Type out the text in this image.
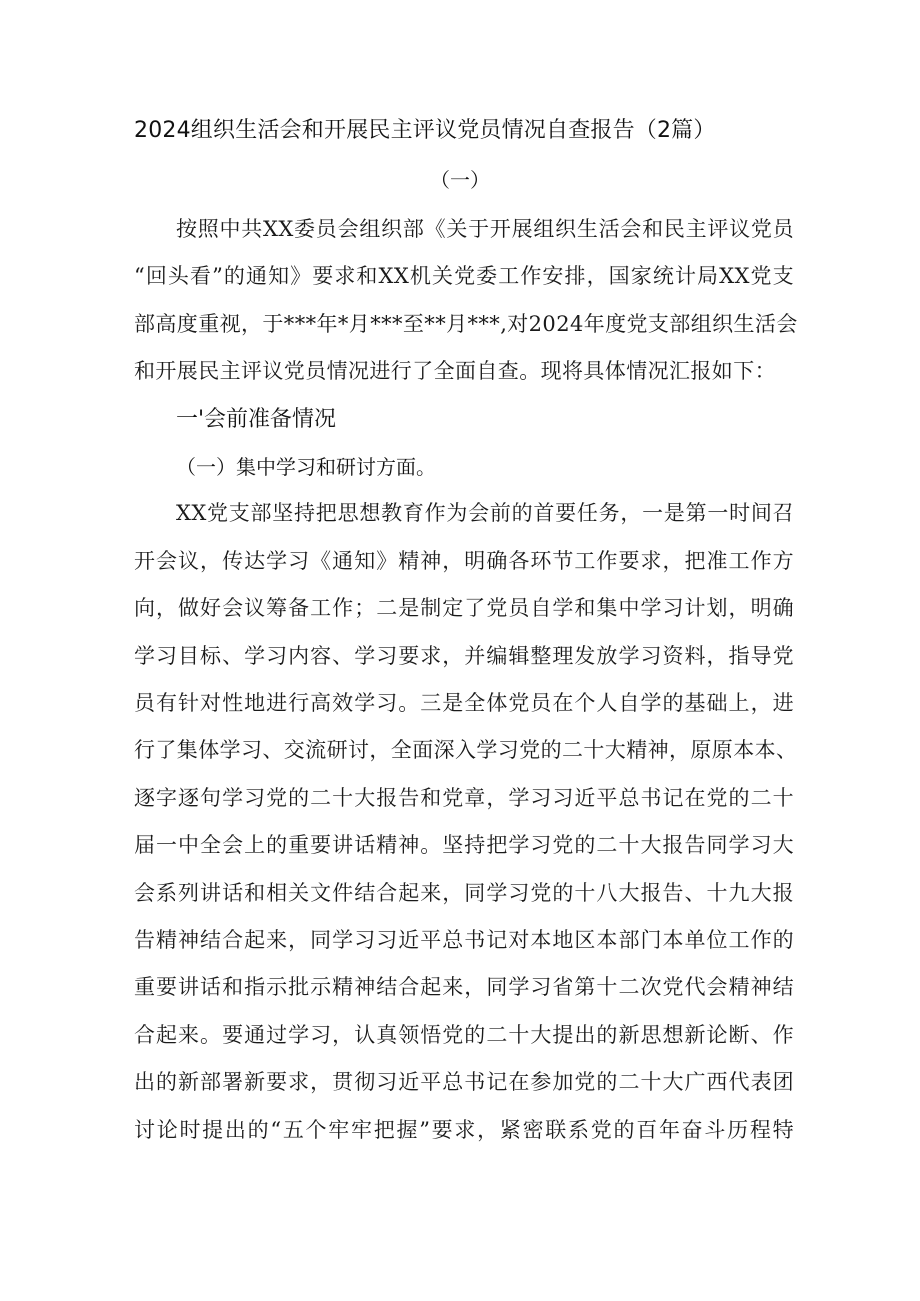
2024组织生活会和开展民主评议党员情况自查报告（2篇）
（一）
按照中共XX委员会组织部《关于开展组织生活会和民主评议党员
“回头看”的通知》要求和XX机关党委工作安排，国家统计局XX党支
部高度重视，于***年*月***至**月***,对2024年度党支部组织生活会
和开展民主评议党员情况进行了全面自查。现将具体情况汇报如下：
一'会前准备情况
（一）集中学习和研讨方面。
XX党支部坚持把思想教育作为会前的首要任务，一是第一时间召
开会议，传达学习《通知》精神，明确各环节工作要求，把准工作方
向，做好会议筹备工作；二是制定了党员自学和集中学习计划，明确
学习目标、学习内容、学习要求，并编辑整理发放学习资料，指导党
员有针对性地进行高效学习。三是全体党员在个人自学的基础上，进
行了集体学习、交流研讨，全面深入学习党的二十大精神，原原本本、
逐字逐句学习党的二十大报告和党章，学习习近平总书记在党的二十
届一中全会上的重要讲话精神。坚持把学习党的二十大报告同学习大
会系列讲话和相关文件结合起来，同学习党的十八大报告、十九大报
告精神结合起来，同学习习近平总书记对本地区本部门本单位工作的
重要讲话和指示批示精神结合起来，同学习省第十二次党代会精神结
合起来。要通过学习，认真领悟党的二十大提出的新思想新论断、作
出的新部署新要求，贯彻习近平总书记在参加党的二十大广西代表团
讨论时提出的“五个牢牢把握”要求，紧密联系党的百年奋斗历程特
